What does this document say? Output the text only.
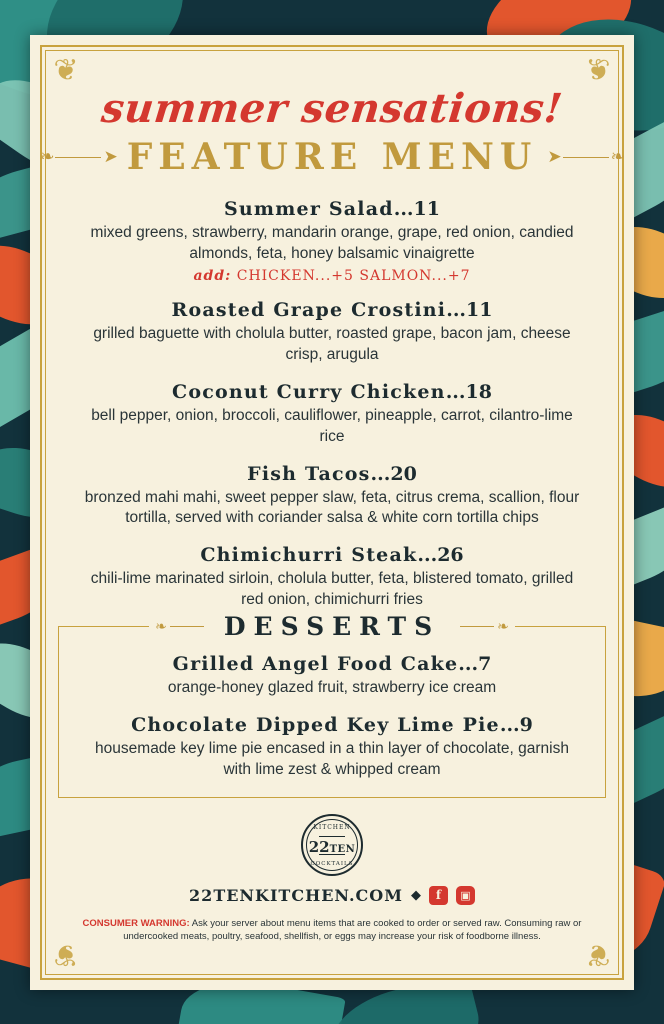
❦	❦
❦	❦
summer sensations!
❧	➤ FEATURE MENU ➤	❧
Summer Salad...11
mixed greens, strawberry, mandarin orange, grape, red onion, candied almonds, feta, honey balsamic vinaigrette
add: CHICKEN...+5 SALMON...+7
Roasted Grape Crostini...11
grilled baguette with cholula butter, roasted grape, bacon jam, cheese crisp, arugula
Coconut Curry Chicken...18
bell pepper, onion, broccoli, cauliflower, pineapple, carrot, cilantro-lime rice
Fish Tacos...20
bronzed mahi mahi, sweet pepper slaw, feta, citrus crema, scallion, flour tortilla, served with coriander salsa & white corn tortilla chips
Chimichurri Steak...26
chili-lime marinated sirloin, cholula butter, feta, blistered tomato, grilled red onion, chimichurri fries
❧	DESSERTS	❧
Grilled Angel Food Cake...7
orange-honey glazed fruit, strawberry ice cream
Chocolate Dipped Key Lime Pie...9
housemade key lime pie encased in a thin layer of chocolate, garnish with lime zest & whipped cream
KITCHEN
22TEN
COCKTAILS
22TENKITCHEN.COM ◆	f	▣
CONSUMER WARNING: Ask your server about menu items that are cooked to order or served raw. Consuming raw or undercooked meats, poultry, seafood, shellfish, or eggs may increase your risk of foodborne illness.
